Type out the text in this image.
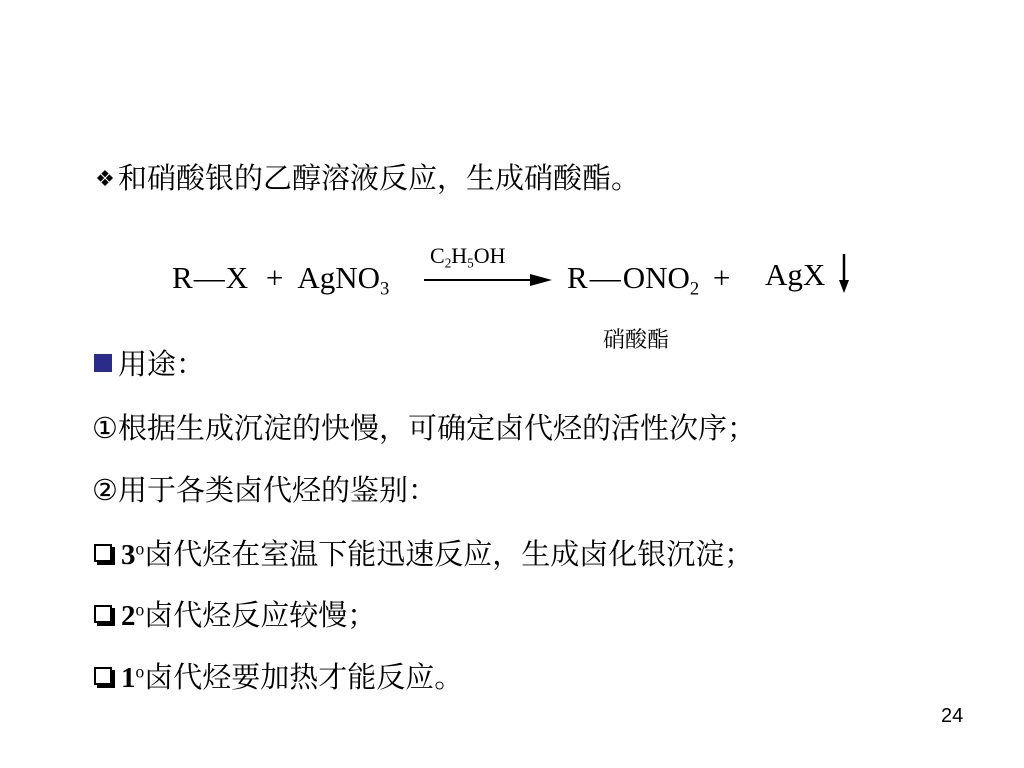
❖ 和硝酸银的乙醇溶液反应，生成硝酸酯。
R—X + AgNO$_3$
$C_2H_5OH$
$R—ONO_2$ +	AgX
硝酸酯
用途：
①根据生成沉淀的快慢，可确定卤代烃的活性次序；
②用于各类卤代烃的鉴别：
3$^o$卤代烃在室温下能迅速反应，生成卤化银沉淀；
2$^o$卤代烃反应较慢；
1$^o$卤代烃要加热才能反应。
24
